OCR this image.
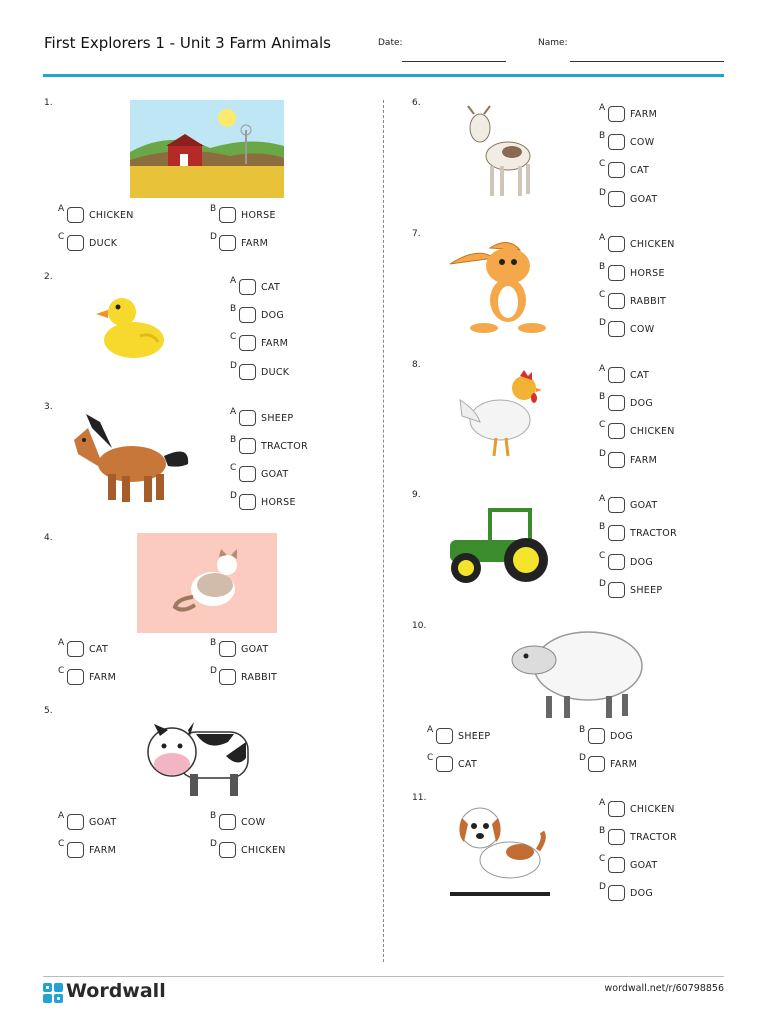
First Explorers 1 - Unit 3 Farm Animals	Date:	Name:
1.
2.
3.
4.
5.
6.
7.
8.
9.
10.
11.
A
CHICKEN
B
HORSE
C
DUCK
D
FARM
A
CAT
B
DOG
C
FARM
D
DUCK
A
SHEEP
B
TRACTOR
C
GOAT
D
HORSE
A
CAT
B
GOAT
C
FARM
D
RABBIT
A
GOAT
B
COW
C
FARM
D
CHICKEN
A
FARM
B
COW
C
CAT
D
GOAT
A
CHICKEN
B
HORSE
C
RABBIT
D
COW
A
CAT
B
DOG
C
CHICKEN
D
FARM
A
GOAT
B
TRACTOR
C
DOG
D
SHEEP
A
SHEEP
B
DOG
C
CAT
D
FARM
A
CHICKEN
B
TRACTOR
C
GOAT
D
DOG
Wordwall	wordwall.net/r/60798856
